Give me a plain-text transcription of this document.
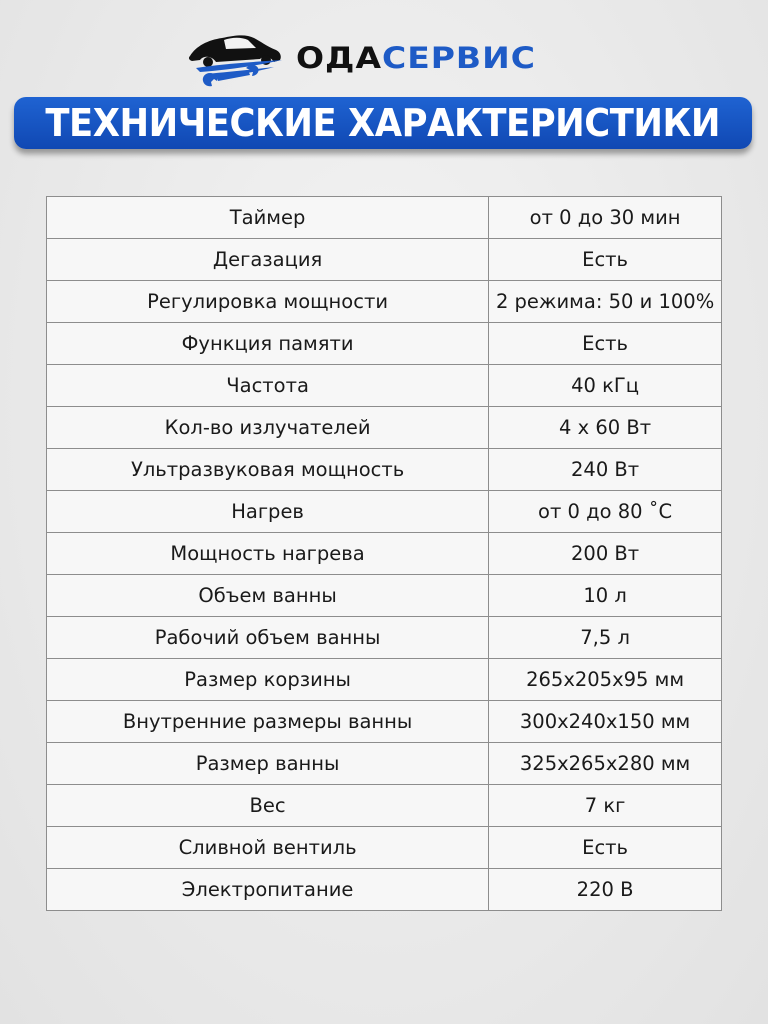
ОДА СЕРВИС
ТЕХНИЧЕСКИЕ ХАРАКТЕРИСТИКИ
Таймер	от 0 до 30 мин
Дегазация	Есть
Регулировка мощности	2 режима: 50 и 100%
Функция памяти	Есть
Частота	40 кГц
Кол-во излучателей	4 х 60 Вт
Ультразвуковая мощность	240 Вт
Нагрев	от 0 до 80 ˚С
Мощность нагрева	200 Вт
Объем ванны	10 л
Рабочий объем ванны	7,5 л
Размер корзины	265х205х95 мм
Внутренние размеры ванны	300х240х150 мм
Размер ванны	325х265х280 мм
Вес	7 кг
Сливной вентиль	Есть
Электропитание	220 В
